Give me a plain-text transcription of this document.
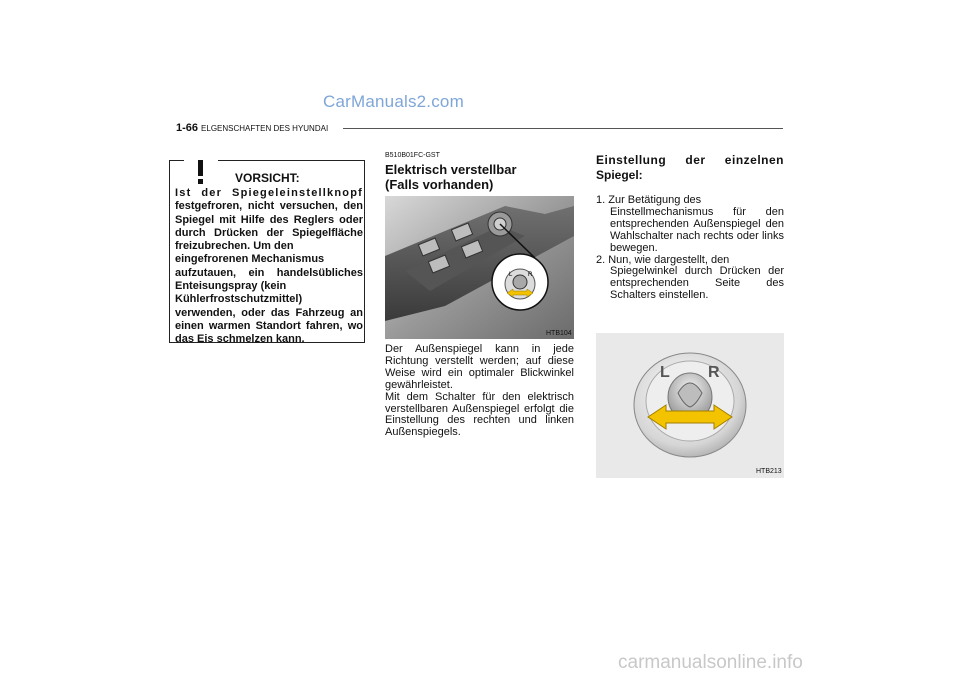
CarManuals2.com
1-66 ELGENSCHAFTEN DES HYUNDAI
VORSICHT:
Ist der Spiegeleinstellknopf
festgefroren, nicht versuchen, den
Spiegel mit Hilfe des Reglers oder
durch Drücken der Spiegelfläche
freizubrechen. Um den
eingefrorenen Mechanismus
aufzutauen, ein handelsübliches
Enteisungspray (kein
Kühlerfrostschutzmittel)
verwenden, oder das Fahrzeug an
einen warmen Standort fahren, wo
das Eis schmelzen kann.
B510B01FC-GST
Elektrisch verstellbar
(Falls vorhanden)
L	R
HTB104
Der Außenspiegel kann in jede
Richtung verstellt werden; auf diese
Weise wird ein optimaler Blickwinkel
gewährleistet.
Mit dem Schalter für den elektrisch
verstellbaren Außenspiegel erfolgt die
Einstellung des rechten und linken
Außenspiegels.
Einstellung der einzelnen
Spiegel:
1. Zur Betätigung des
Einstellmechanismus für den
entsprechenden Außenspiegel den
Wahlschalter nach rechts oder links
bewegen.
2. Nun, wie dargestellt, den
Spiegelwinkel durch Drücken der
entsprechenden Seite des
Schalters einstellen.
L R
HTB213
carmanualsonline.info
